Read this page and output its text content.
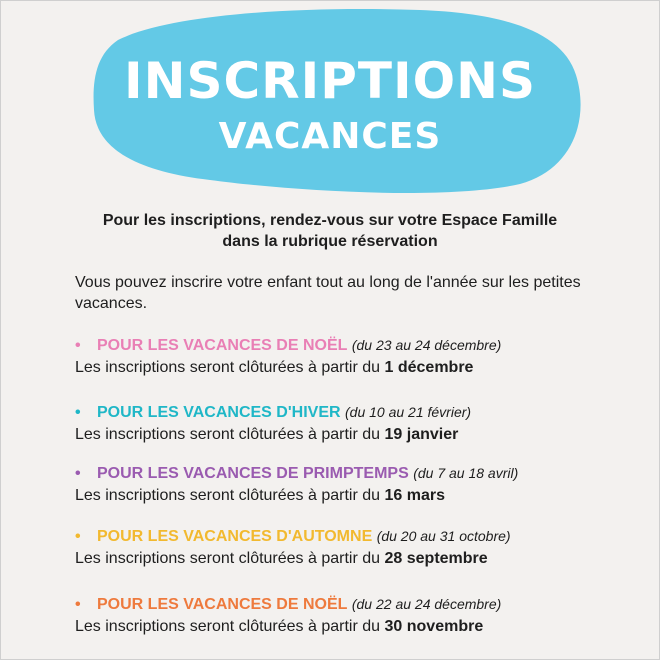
INSCRIPTIONS
VACANCES
Pour les inscriptions, rendez-vous sur votre Espace Famille
dans la rubrique réservation
Vous pouvez inscrire votre enfant tout au long de l'année sur les petites vacances.
• POUR LES VACANCES DE NOËL (du 23 au 24 décembre)
Les inscriptions seront clôturées à partir du 1 décembre
• POUR LES VACANCES D'HIVER (du 10 au 21 février)
Les inscriptions seront clôturées à partir du 19 janvier
• POUR LES VACANCES DE PRIMPTEMPS (du 7 au 18 avril)
Les inscriptions seront clôturées à partir du 16 mars
• POUR LES VACANCES D'AUTOMNE (du 20 au 31 octobre)
Les inscriptions seront clôturées à partir du 28 septembre
• POUR LES VACANCES DE NOËL (du 22 au 24 décembre)
Les inscriptions seront clôturées à partir du 30 novembre
